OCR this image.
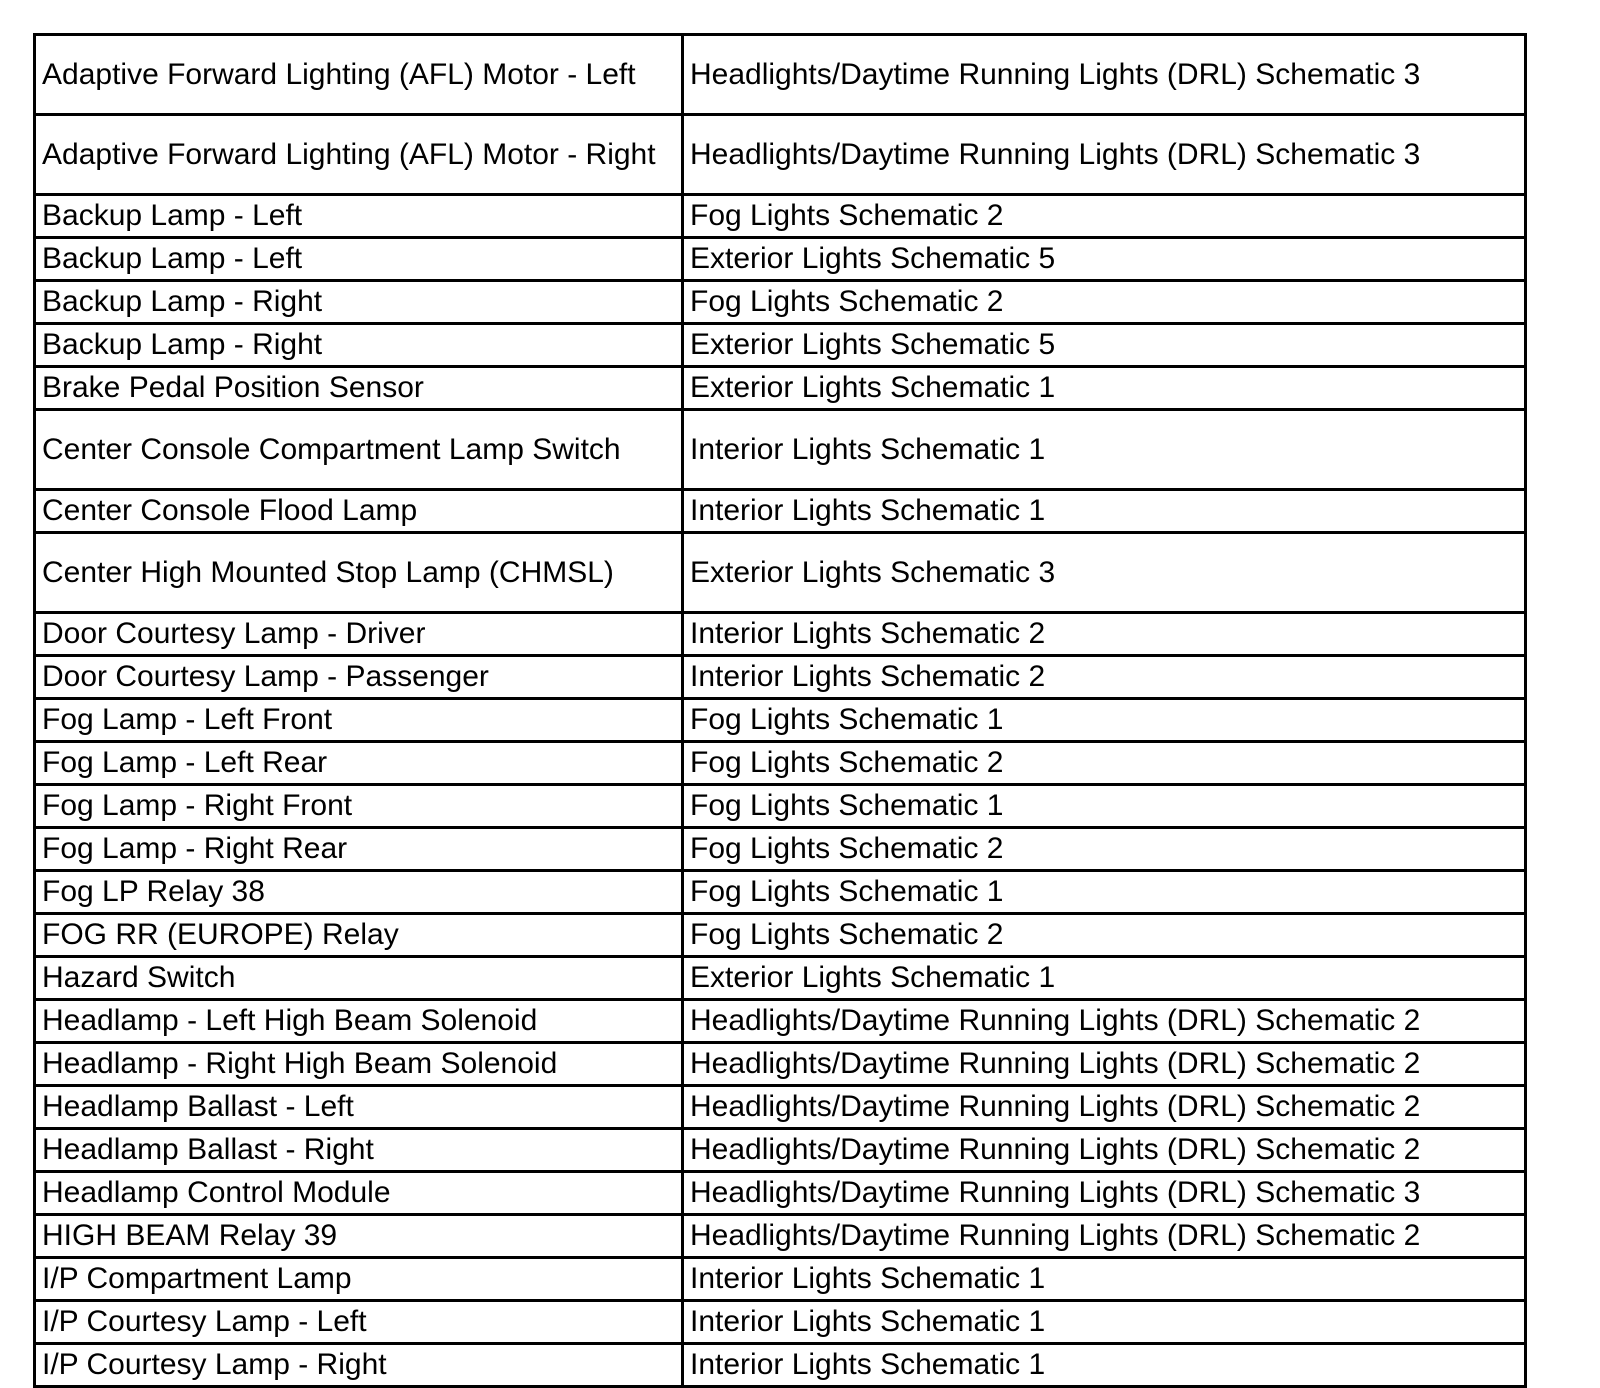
Adaptive Forward Lighting (AFL) Motor - Left	Headlights/Daytime Running Lights (DRL) Schematic 3
Adaptive Forward Lighting (AFL) Motor - Right	Headlights/Daytime Running Lights (DRL) Schematic 3
Backup Lamp - Left	Fog Lights Schematic 2
Backup Lamp - Left	Exterior Lights Schematic 5
Backup Lamp - Right	Fog Lights Schematic 2
Backup Lamp - Right	Exterior Lights Schematic 5
Brake Pedal Position Sensor	Exterior Lights Schematic 1
Center Console Compartment Lamp Switch	Interior Lights Schematic 1
Center Console Flood Lamp	Interior Lights Schematic 1
Center High Mounted Stop Lamp (CHMSL)	Exterior Lights Schematic 3
Door Courtesy Lamp - Driver	Interior Lights Schematic 2
Door Courtesy Lamp - Passenger	Interior Lights Schematic 2
Fog Lamp - Left Front	Fog Lights Schematic 1
Fog Lamp - Left Rear	Fog Lights Schematic 2
Fog Lamp - Right Front	Fog Lights Schematic 1
Fog Lamp - Right Rear	Fog Lights Schematic 2
Fog LP Relay 38	Fog Lights Schematic 1
FOG RR (EUROPE) Relay	Fog Lights Schematic 2
Hazard Switch	Exterior Lights Schematic 1
Headlamp - Left High Beam Solenoid	Headlights/Daytime Running Lights (DRL) Schematic 2
Headlamp - Right High Beam Solenoid	Headlights/Daytime Running Lights (DRL) Schematic 2
Headlamp Ballast - Left	Headlights/Daytime Running Lights (DRL) Schematic 2
Headlamp Ballast - Right	Headlights/Daytime Running Lights (DRL) Schematic 2
Headlamp Control Module	Headlights/Daytime Running Lights (DRL) Schematic 3
HIGH BEAM Relay 39	Headlights/Daytime Running Lights (DRL) Schematic 2
I/P Compartment Lamp	Interior Lights Schematic 1
I/P Courtesy Lamp - Left	Interior Lights Schematic 1
I/P Courtesy Lamp - Right	Interior Lights Schematic 1
